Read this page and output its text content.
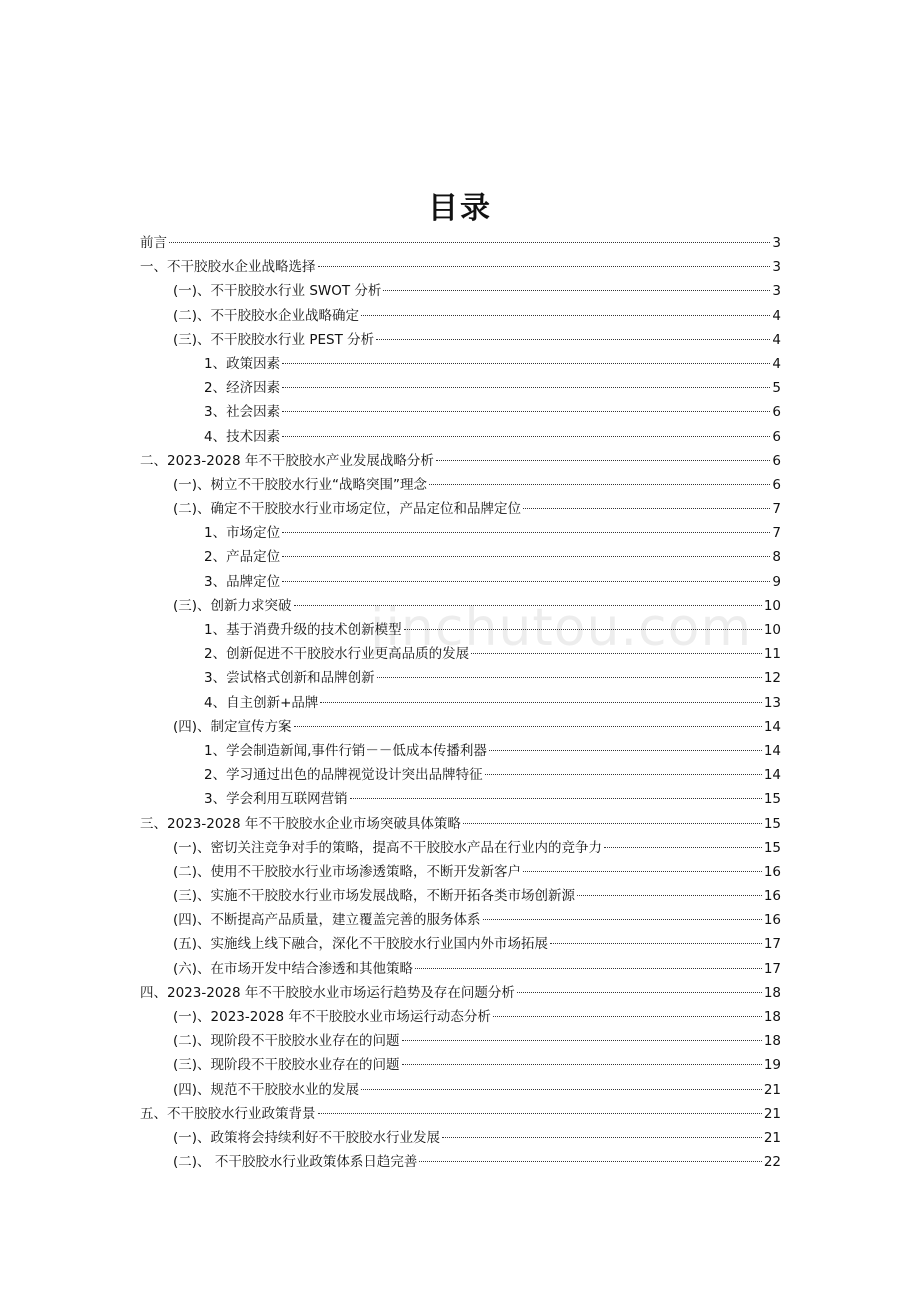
jinchutou.com
目录
前言	3
一、不干胶胶水企业战略选择	3
(一)、不干胶胶水行业 SWOT 分析	3
(二)、不干胶胶水企业战略确定	4
(三)、不干胶胶水行业 PEST 分析	4
1、政策因素	4
2、经济因素	5
3、社会因素	6
4、技术因素	6
二、2023-2028 年不干胶胶水产业发展战略分析	6
(一)、树立不干胶胶水行业“战略突围”理念	6
(二)、确定不干胶胶水行业市场定位，产品定位和品牌定位	7
1、市场定位	7
2、产品定位	8
3、品牌定位	9
(三)、创新力求突破	10
1、基于消费升级的技术创新模型	10
2、创新促进不干胶胶水行业更高品质的发展	11
3、尝试格式创新和品牌创新	12
4、自主创新+品牌	13
(四)、制定宣传方案	14
1、学会制造新闻,事件行销－－低成本传播利器	14
2、学习通过出色的品牌视觉设计突出品牌特征	14
3、学会利用互联网营销	15
三、2023-2028 年不干胶胶水企业市场突破具体策略	15
(一)、密切关注竞争对手的策略，提高不干胶胶水产品在行业内的竞争力	15
(二)、使用不干胶胶水行业市场渗透策略，不断开发新客户	16
(三)、实施不干胶胶水行业市场发展战略，不断开拓各类市场创新源	16
(四)、不断提高产品质量，建立覆盖完善的服务体系	16
(五)、实施线上线下融合，深化不干胶胶水行业国内外市场拓展	17
(六)、在市场开发中结合渗透和其他策略	17
四、2023-2028 年不干胶胶水业市场运行趋势及存在问题分析	18
(一)、2023-2028 年不干胶胶水业市场运行动态分析	18
(二)、现阶段不干胶胶水业存在的问题	18
(三)、现阶段不干胶胶水业存在的问题	19
(四)、规范不干胶胶水业的发展	21
五、不干胶胶水行业政策背景	21
(一)、政策将会持续利好不干胶胶水行业发展	21
(二)、 不干胶胶水行业政策体系日趋完善	22
